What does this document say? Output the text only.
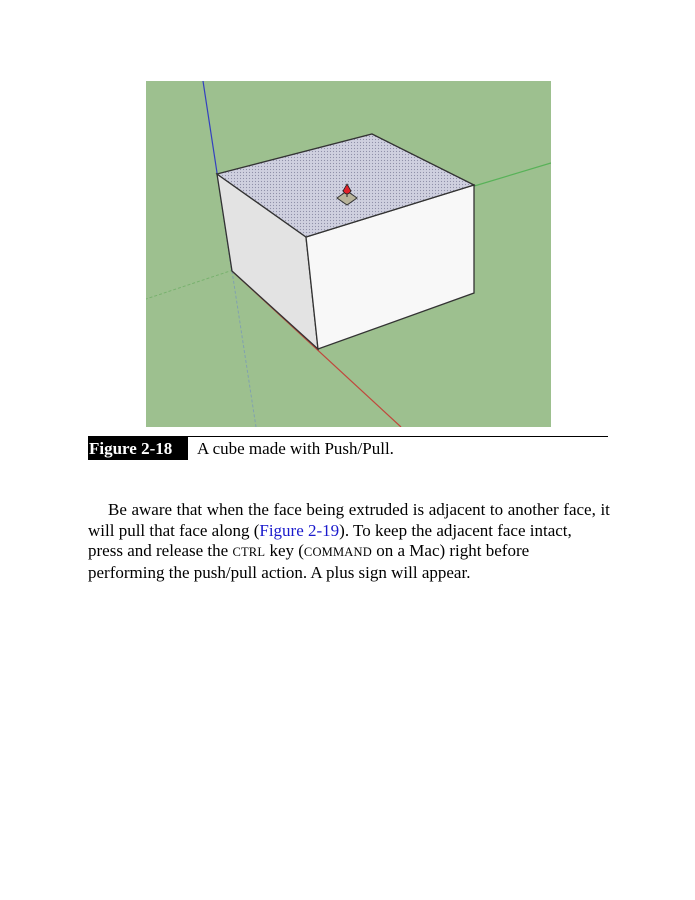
Figure 2-18	A cube made with Push/Pull.
Be aware that when the face being extruded is adjacent to another face, it
will pull that face along (Figure 2-19). To keep the adjacent face intact,
press and release the CTRL key (COMMAND on a Mac) right before
performing the push/pull action. A plus sign will appear.
